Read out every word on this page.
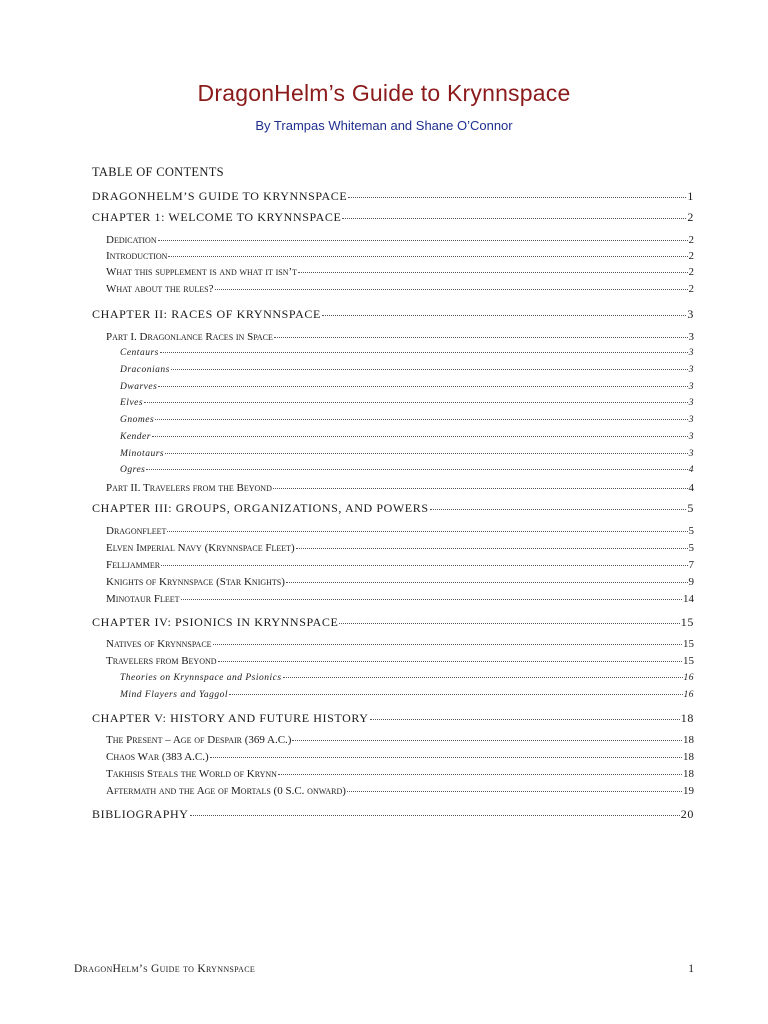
DragonHelm’s Guide to Krynnspace
By Trampas Whiteman and Shane O’Connor
TABLE OF CONTENTS
DRAGONHELM’S GUIDE TO KRYNNSPACE	1
CHAPTER 1: WELCOME TO KRYNNSPACE	2
Dedication	2
Introduction	2
What this supplement is and what it isn’t	2
What about the rules?	2
CHAPTER II: RACES OF KRYNNSPACE	3
Part I. Dragonlance Races in Space	3
Centaurs	3
Draconians	3
Dwarves	3
Elves	3
Gnomes	3
Kender	3
Minotaurs	3
Ogres	4
Part II. Travelers from the Beyond	4
CHAPTER III: GROUPS, ORGANIZATIONS, AND POWERS	5
Dragonfleet	5
Elven Imperial Navy (Krynnspace Fleet)	5
Felljammer	7
Knights of Krynnspace (Star Knights)	9
Minotaur Fleet	14
CHAPTER IV: PSIONICS IN KRYNNSPACE	15
Natives of Krynnspace	15
Travelers from Beyond	15
Theories on Krynnspace and Psionics	16
Mind Flayers and Yaggol	16
CHAPTER V: HISTORY AND FUTURE HISTORY	18
The Present – Age of Despair (369 A.C.)	18
Chaos War (383 A.C.)	18
Takhisis Steals the World of Krynn	18
Aftermath and the Age of Mortals (0 S.C. onward)	19
BIBLIOGRAPHY	20
DragonHelm’s Guide to Krynnspace	1
